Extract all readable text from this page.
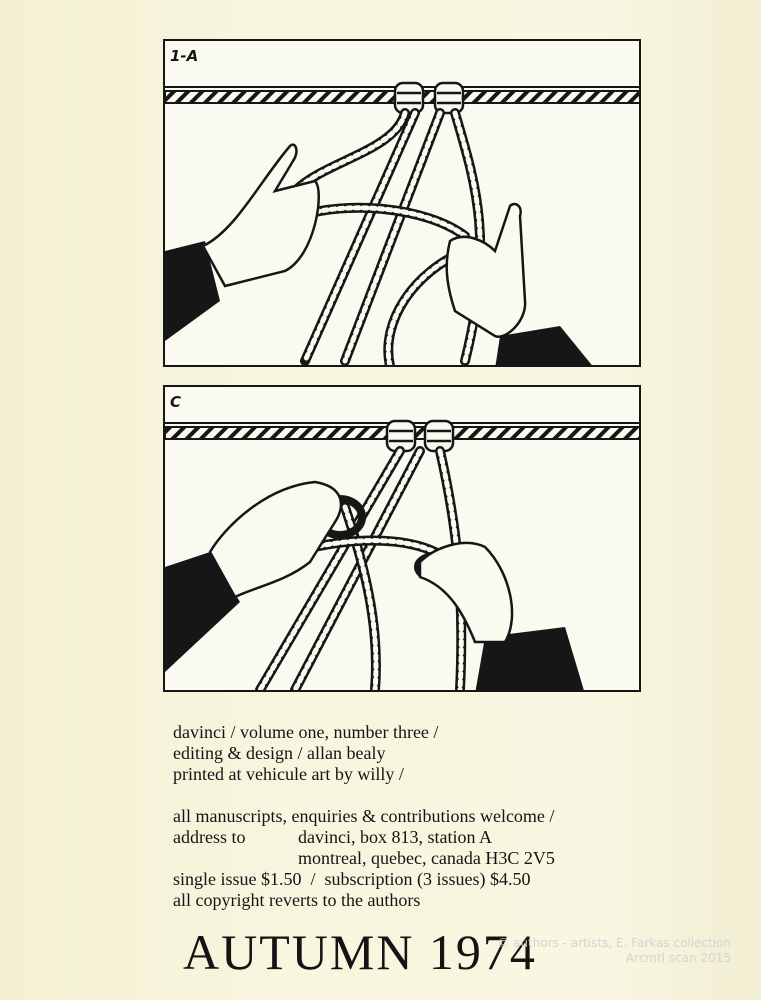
1-A
C
davinci / volume one, number three /
editing & design / allan bealy
printed at vehicule art by willy /
all manuscripts, enquiries & contributions welcome /
address to	davinci, box 813, station A
montreal, quebec, canada H3C 2V5
single issue $1.50  /  subscription (3 issues) $4.50
all copyright reverts to the authors
AUTUMN 1974
© authors - artists, E. Farkas collection
Arcmtl scan 2015
